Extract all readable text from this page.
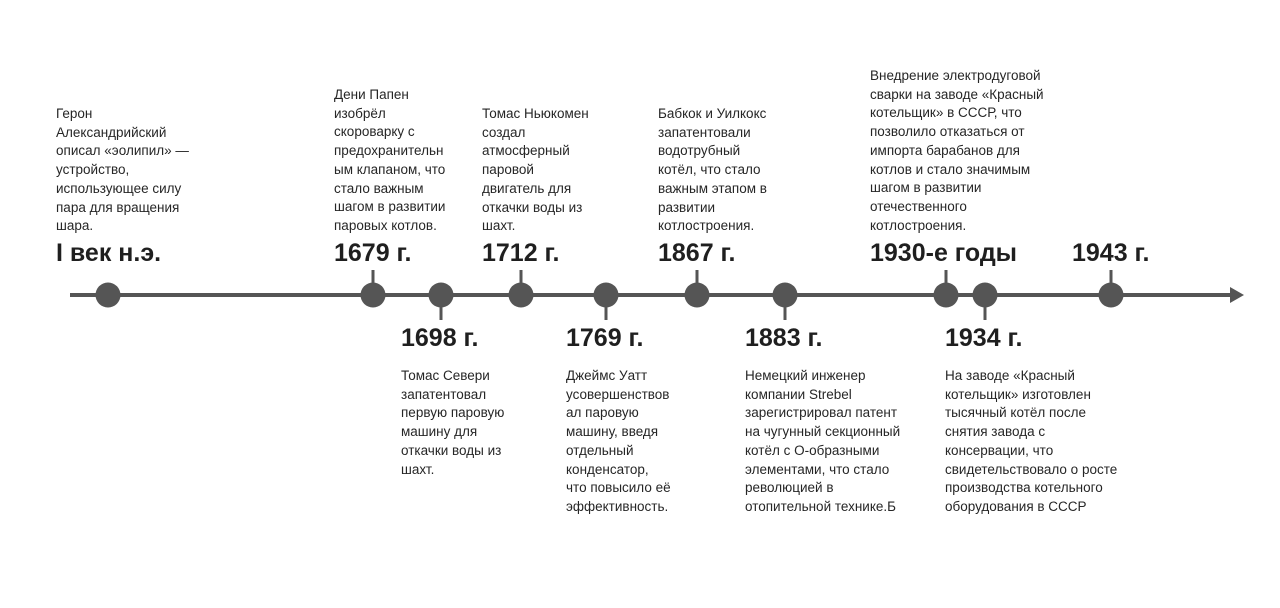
Герон
Александрийский
описал «эолипил» —
устройство,
использующее силу
пара для вращения
шара.
I век н.э.
Дени Папен
изобрёл
скороварку с
предохранительн
ым клапаном, что
стало важным
шагом в развитии
паровых котлов.
1679 г.
1698 г.
Томас Севери
запатентовал
первую паровую
машину для
откачки воды из
шахт.
Томас Ньюкомен
создал
атмосферный
паровой
двигатель для
откачки воды из
шахт.
1712 г.
1769 г.
Джеймс Уатт
усовершенствов
ал паровую
машину, введя
отдельный
конденсатор,
что повысило её
эффективность.
Бабкок и Уилкокс
запатентовали
водотрубный
котёл, что стало
важным этапом в
развитии
котлостроения.
1867 г.
1883 г.
Немецкий инженер
компании Strebel
зарегистрировал патент
на чугунный секционный
котёл с О-образными
элементами, что стало
революцией в
отопительной технике.Б
Внедрение электродуговой
сварки на заводе «Красный
котельщик» в СССР, что
позволило отказаться от
импорта барабанов для
котлов и стало значимым
шагом в развитии
отечественного
котлостроения.
1930-е годы
1934 г.
На заводе «Красный
котельщик» изготовлен
тысячный котёл после
снятия завода с
консервации, что
свидетельствовало о росте
производства котельного
оборудования в СССР
1943 г.
